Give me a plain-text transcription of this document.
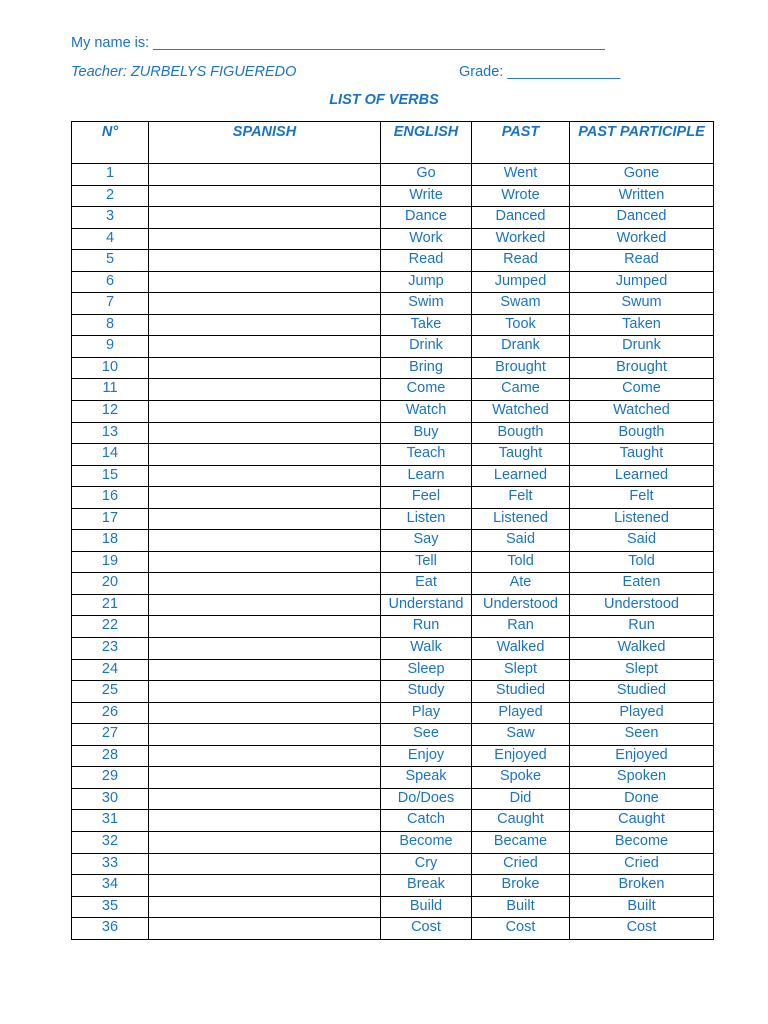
My name is: ________________________________________________________
Teacher: ZURBELYS FIGUEREDO	Grade: ______________
LIST OF VERBS
N°	SPANISH	ENGLISH	PAST	PAST PARTICIPLE
1		Go	Went	Gone
2		Write	Wrote	Written
3		Dance	Danced	Danced
4		Work	Worked	Worked
5		Read	Read	Read
6		Jump	Jumped	Jumped
7		Swim	Swam	Swum
8		Take	Took	Taken
9		Drink	Drank	Drunk
10		Bring	Brought	Brought
11		Come	Came	Come
12		Watch	Watched	Watched
13		Buy	Bougth	Bougth
14		Teach	Taught	Taught
15		Learn	Learned	Learned
16		Feel	Felt	Felt
17		Listen	Listened	Listened
18		Say	Said	Said
19		Tell	Told	Told
20		Eat	Ate	Eaten
21		Understand	Understood	Understood
22		Run	Ran	Run
23		Walk	Walked	Walked
24		Sleep	Slept	Slept
25		Study	Studied	Studied
26		Play	Played	Played
27		See	Saw	Seen
28		Enjoy	Enjoyed	Enjoyed
29		Speak	Spoke	Spoken
30		Do/Does	Did	Done
31		Catch	Caught	Caught
32		Become	Became	Become
33		Cry	Cried	Cried
34		Break	Broke	Broken
35		Build	Built	Built
36		Cost	Cost	Cost
